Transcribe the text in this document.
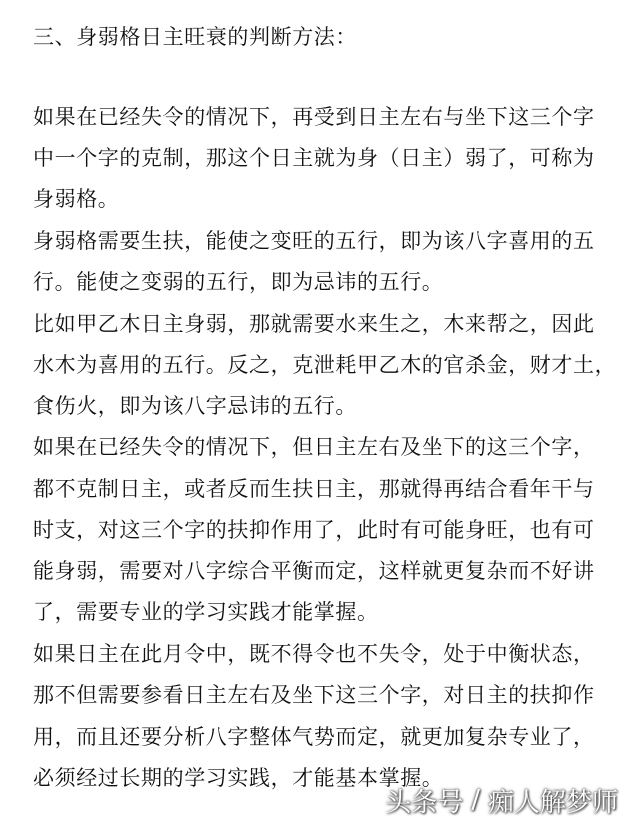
三、身弱格日主旺衰的判断方法：
如果在已经失令的情况下，再受到日主左右与坐下这三个字
中一个字的克制，那这个日主就为身（日主）弱了，可称为
身弱格。
身弱格需要生扶，能使之变旺的五行，即为该八字喜用的五
行。能使之变弱的五行，即为忌讳的五行。
比如甲乙木日主身弱，那就需要水来生之，木来帮之，因此
水木为喜用的五行。反之，克泄耗甲乙木的官杀金，财才土，
食伤火，即为该八字忌讳的五行。
如果在已经失令的情况下，但日主左右及坐下的这三个字，
都不克制日主，或者反而生扶日主，那就得再结合看年干与
时支，对这三个字的扶抑作用了，此时有可能身旺，也有可
能身弱，需要对八字综合平衡而定，这样就更复杂而不好讲
了，需要专业的学习实践才能掌握。
如果日主在此月令中，既不得令也不失令，处于中衡状态，
那不但需要参看日主左右及坐下这三个字，对日主的扶抑作
用，而且还要分析八字整体气势而定，就更加复杂专业了，
必须经过长期的学习实践，才能基本掌握。
头条号 / 痴人解梦师
